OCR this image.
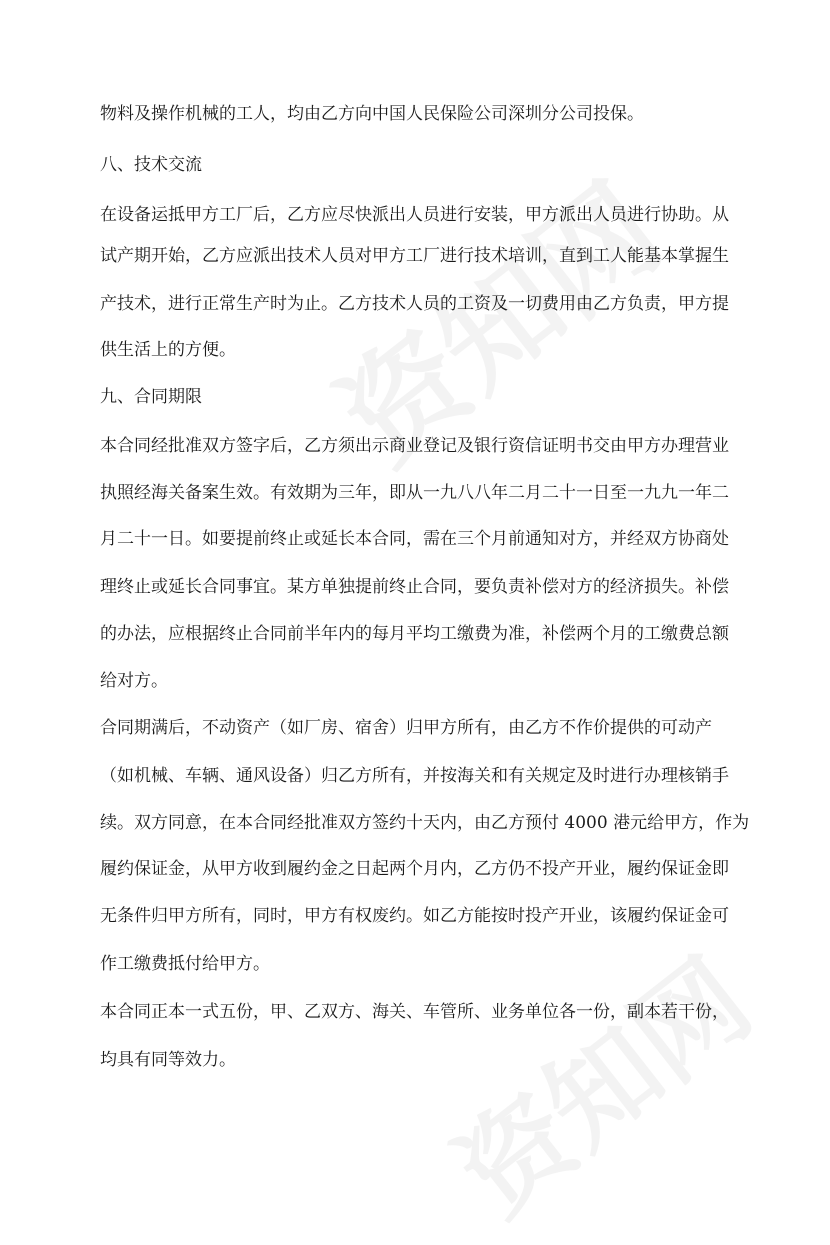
物料及操作机械的工人，均由乙方向中国人民保险公司深圳分公司投保。
八、技术交流
在设备运抵甲方工厂后，乙方应尽快派出人员进行安装，甲方派出人员进行协助。从
试产期开始，乙方应派出技术人员对甲方工厂进行技术培训，直到工人能基本掌握生
产技术，进行正常生产时为止。乙方技术人员的工资及一切费用由乙方负责，甲方提
供生活上的方便。
九、合同期限
本合同经批准双方签字后，乙方须出示商业登记及银行资信证明书交由甲方办理营业
执照经海关备案生效。有效期为三年，即从一九八八年二月二十一日至一九九一年二
月二十一日。如要提前终止或延长本合同，需在三个月前通知对方，并经双方协商处
理终止或延长合同事宜。某方单独提前终止合同，要负责补偿对方的经济损失。补偿
的办法，应根据终止合同前半年内的每月平均工缴费为准，补偿两个月的工缴费总额
给对方。
合同期满后，不动资产（如厂房、宿舍）归甲方所有，由乙方不作价提供的可动产
（如机械、车辆、通风设备）归乙方所有，并按海关和有关规定及时进行办理核销手
续。双方同意，在本合同经批准双方签约十天内，由乙方预付 4000 港元给甲方，作为
履约保证金，从甲方收到履约金之日起两个月内，乙方仍不投产开业，履约保证金即
无条件归甲方所有，同时，甲方有权废约。如乙方能按时投产开业，该履约保证金可
作工缴费抵付给甲方。
本合同正本一式五份，甲、乙双方、海关、车管所、业务单位各一份，副本若干份，
均具有同等效力。
